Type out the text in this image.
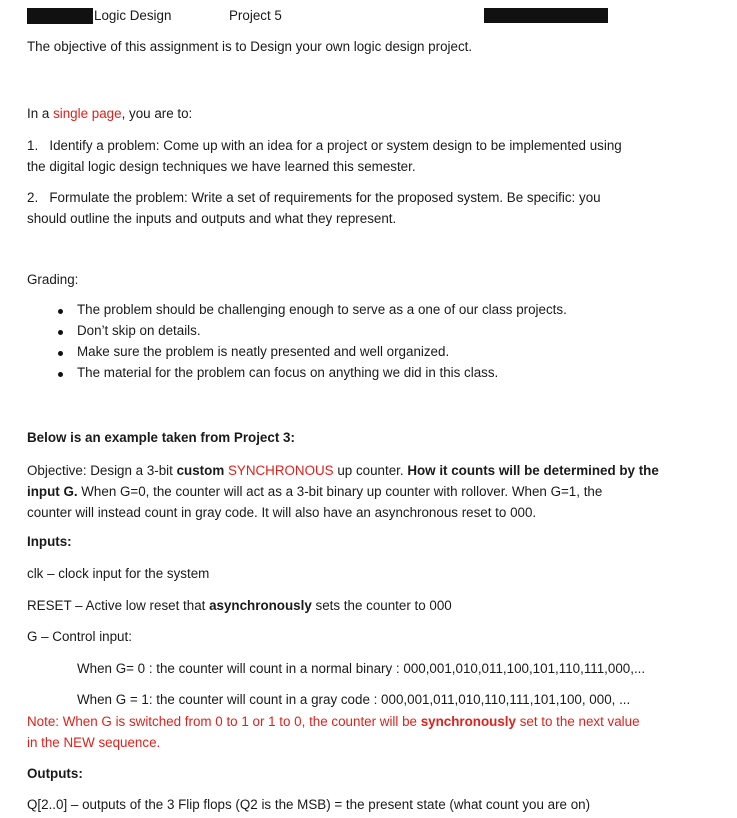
Logic Design	Project 5
The objective of this assignment is to Design your own logic design project.
In a single page, you are to:
1. Identify a problem: Come up with an idea for a project or system design to be implemented using
the digital logic design techniques we have learned this semester.
2. Formulate the problem: Write a set of requirements for the proposed system. Be specific: you
should outline the inputs and outputs and what they represent.
Grading:
The problem should be challenging enough to serve as a one of our class projects.
Don’t skip on details.
Make sure the problem is neatly presented and well organized.
The material for the problem can focus on anything we did in this class.
Below is an example taken from Project 3:
Objective: Design a 3-bit custom SYNCHRONOUS up counter. How it counts will be determined by the
input G. When G=0, the counter will act as a 3-bit binary up counter with rollover. When G=1, the
counter will instead count in gray code. It will also have an asynchronous reset to 000.
Inputs:
clk – clock input for the system
RESET – Active low reset that asynchronously sets the counter to 000
G – Control input:
When G= 0 : the counter will count in a normal binary : 000,001,010,011,100,101,110,111,000,...
When G = 1: the counter will count in a gray code : 000,001,011,010,110,111,101,100, 000, ...
Note: When G is switched from 0 to 1 or 1 to 0, the counter will be synchronously set to the next value
in the NEW sequence.
Outputs:
Q[2..0] – outputs of the 3 Flip flops (Q2 is the MSB) = the present state (what count you are on)
